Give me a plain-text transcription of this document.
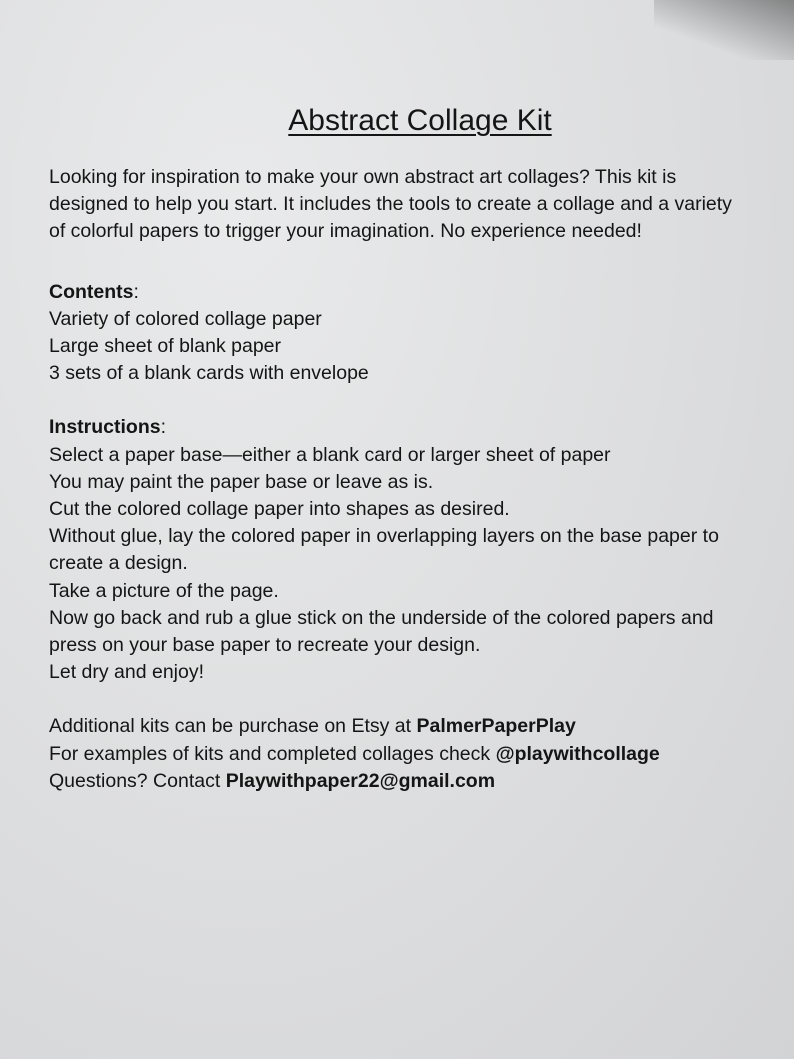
Abstract Collage Kit

Looking for inspiration to make your own abstract art collages? This kit is

designed to help you start. It includes the tools to create a collage and a variety

of colorful papers to trigger your imagination. No experience needed!

Contents:

Variety of colored collage paper

Large sheet of blank paper

3 sets of a blank cards with envelope

Instructions:

Select a paper base—either a blank card or larger sheet of paper

You may paint the paper base or leave as is.

Cut the colored collage paper into shapes as desired.

Without glue, lay the colored paper in overlapping layers on the base paper to

create a design.

Take a picture of the page.

Now go back and rub a glue stick on the underside of the colored papers and

press on your base paper to recreate your design.

Let dry and enjoy!

Additional kits can be purchase on Etsy at PalmerPaperPlay

For examples of kits and completed collages check @playwithcollage

Questions? Contact Playwithpaper22@gmail.com
